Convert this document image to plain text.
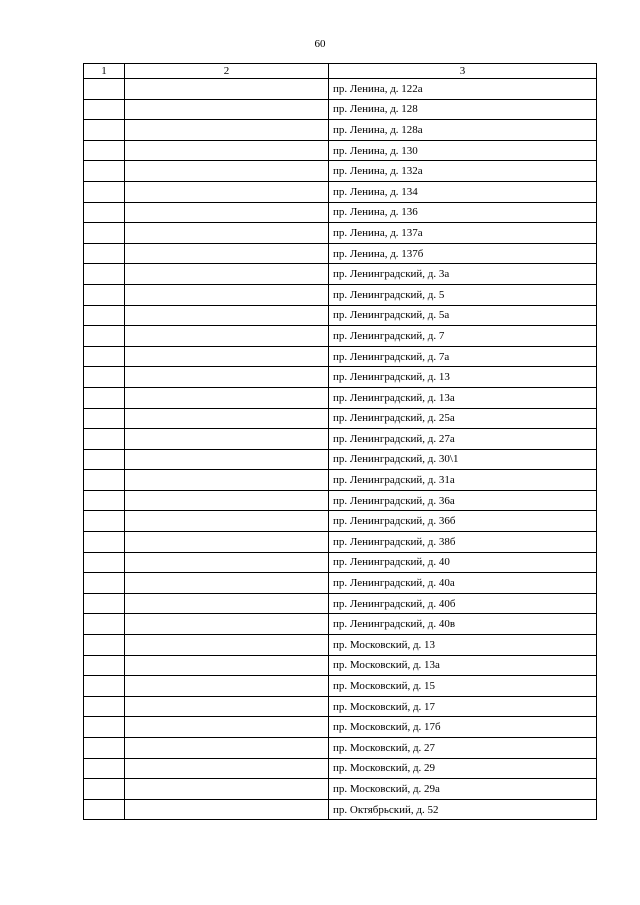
60
1	2	3
		пр. Ленина, д. 122а
		пр. Ленина, д. 128
		пр. Ленина, д. 128а
		пр. Ленина, д. 130
		пр. Ленина, д. 132а
		пр. Ленина, д. 134
		пр. Ленина, д. 136
		пр. Ленина, д. 137а
		пр. Ленина, д. 137б
		пр. Ленинградский, д. 3а
		пр. Ленинградский, д. 5
		пр. Ленинградский, д. 5а
		пр. Ленинградский, д. 7
		пр. Ленинградский, д. 7а
		пр. Ленинградский, д. 13
		пр. Ленинградский, д. 13а
		пр. Ленинградский, д. 25а
		пр. Ленинградский, д. 27а
		пр. Ленинградский, д. 30\1
		пр. Ленинградский, д. 31а
		пр. Ленинградский, д. 36а
		пр. Ленинградский, д. 36б
		пр. Ленинградский, д. 38б
		пр. Ленинградский, д. 40
		пр. Ленинградский, д. 40а
		пр. Ленинградский, д. 40б
		пр. Ленинградский, д. 40в
		пр. Московский, д. 13
		пр. Московский, д. 13а
		пр. Московский, д. 15
		пр. Московский, д. 17
		пр. Московский, д. 17б
		пр. Московский, д. 27
		пр. Московский, д. 29
		пр. Московский, д. 29а
		пр. Октябрьский, д. 52
